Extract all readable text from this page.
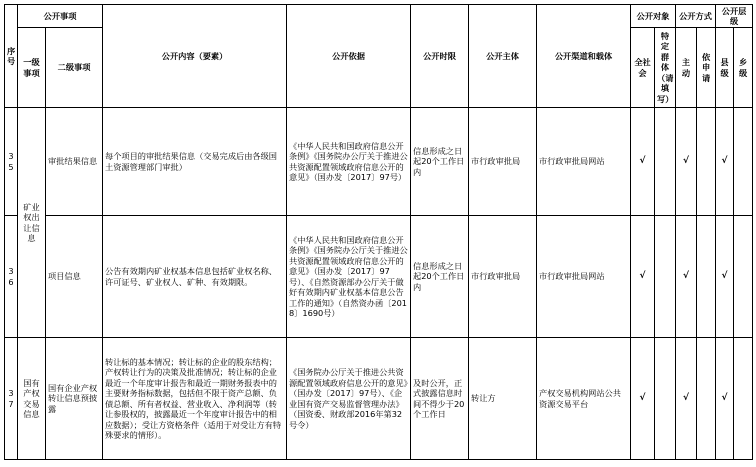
序号	公开事项		公开内容（要素）	公开依据	公开时限	公开主体	公开渠道和载体	公开对象		公开方式		公开层级	
	一级事项	二级事项						全社会	特定群体（请填写）	主动	依申请	县级	乡级
35	矿业权出让信息	审批结果信息	每个项目的审批结果信息（交易完成后由各级国土资源管理部门审批）	《中华人民共和国政府信息公开条例》《国务院办公厅关于推进公共资源配置领域政府信息公开的意见》（国办发〔2017〕97号）	信息形成之日起20个工作日内	市行政审批局	市行政审批局网站	√		√		√	
36		项目信息	公告有效期内矿业权基本信息包括矿业权名称、许可证号、矿业权人、矿种、有效期限。	《中华人民共和国政府信息公开条例》《国务院办公厅关于推进公共资源配置领域政府信息公开的意见》（国办发〔2017〕97号）、《自然资源部办公厅关于做好有效期内矿业权基本信息公告工作的通知》（自然资办函〔2018〕1690号）	信息形成之日起20个工作日内	市行政审批局	市行政审批局网站	√		√		√	
37	国有产权交易信息	国有企业产权转让信息预披露	转让标的基本情况；转让标的企业的股东结构；产权转让行为的决策及批准情况；转让标的企业最近一个年度审计报告和最近一期财务报表中的主要财务指标数据，包括但不限于资产总额、负债总额、所有者权益、营业收入、净利润等（转让参股权的，披露最近一个年度审计报告中的相应数据）；受让方资格条件（适用于对受让方有特殊要求的情形）。	《国务院办公厅关于推进公共资源配置领域政府信息公开的意见》（国办发〔2017〕97号）、《企业国有资产交易监督管理办法》（国资委、财政部2016年第32号令）	及时公开，正式披露信息时间不得少于20个工作日	转让方	产权交易机构网站公共资源交易平台	√		√		√	
